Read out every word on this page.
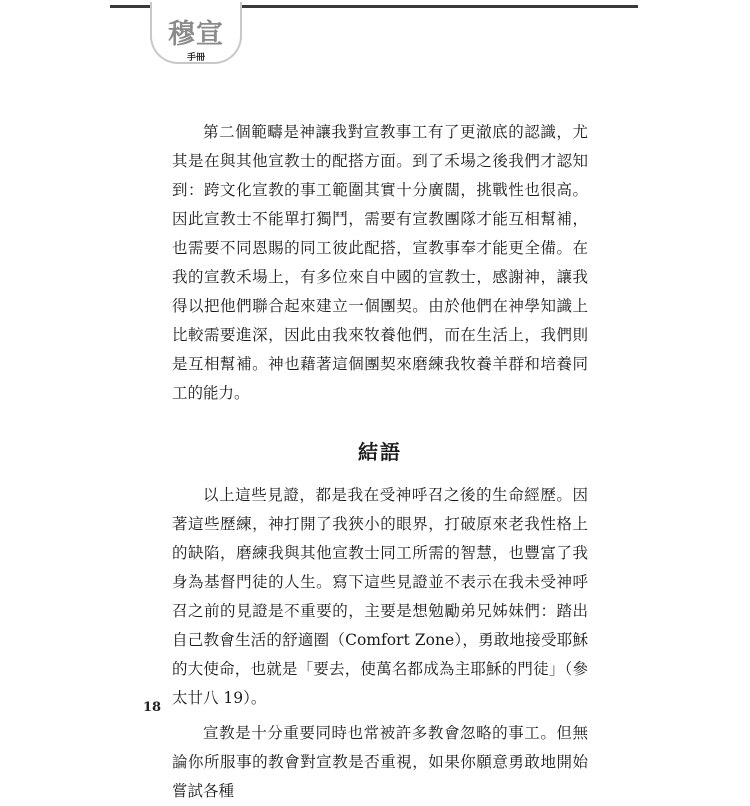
穆宣
手冊

第二個範疇是神讓我對宣教事工有了更澈底的認識，尤其是在與其他宣教士的配搭方面。到了禾場之後我們才認知到：跨文化宣教的事工範圍其實十分廣闊，挑戰性也很高。因此宣教士不能單打獨鬥，需要有宣教團隊才能互相幫補，也需要不同恩賜的同工彼此配搭，宣教事奉才能更全備。在我的宣教禾場上，有多位來自中國的宣教士，感謝神，讓我得以把他們聯合起來建立一個團契。由於他們在神學知識上比較需要進深，因此由我來牧養他們，而在生活上，我們則是互相幫補。神也藉著這個團契來磨練我牧養羊群和培養同工的能力。

結語

以上這些見證，都是我在受神呼召之後的生命經歷。因著這些歷練，神打開了我狹小的眼界，打破原來老我性格上的缺陷，磨練我與其他宣教士同工所需的智慧，也豐富了我身為基督門徒的人生。寫下這些見證並不表示在我未受神呼召之前的見證是不重要的，主要是想勉勵弟兄姊妹們：踏出自己教會生活的舒適圈（Comfort Zone），勇敢地接受耶穌的大使命，也就是「要去，使萬名都成為主耶穌的門徒」（參太廿八 19）。

宣教是十分重要同時也常被許多教會忽略的事工。但無論你所服事的教會對宣教是否重視，如果你願意勇敢地開始嘗試各種

18
